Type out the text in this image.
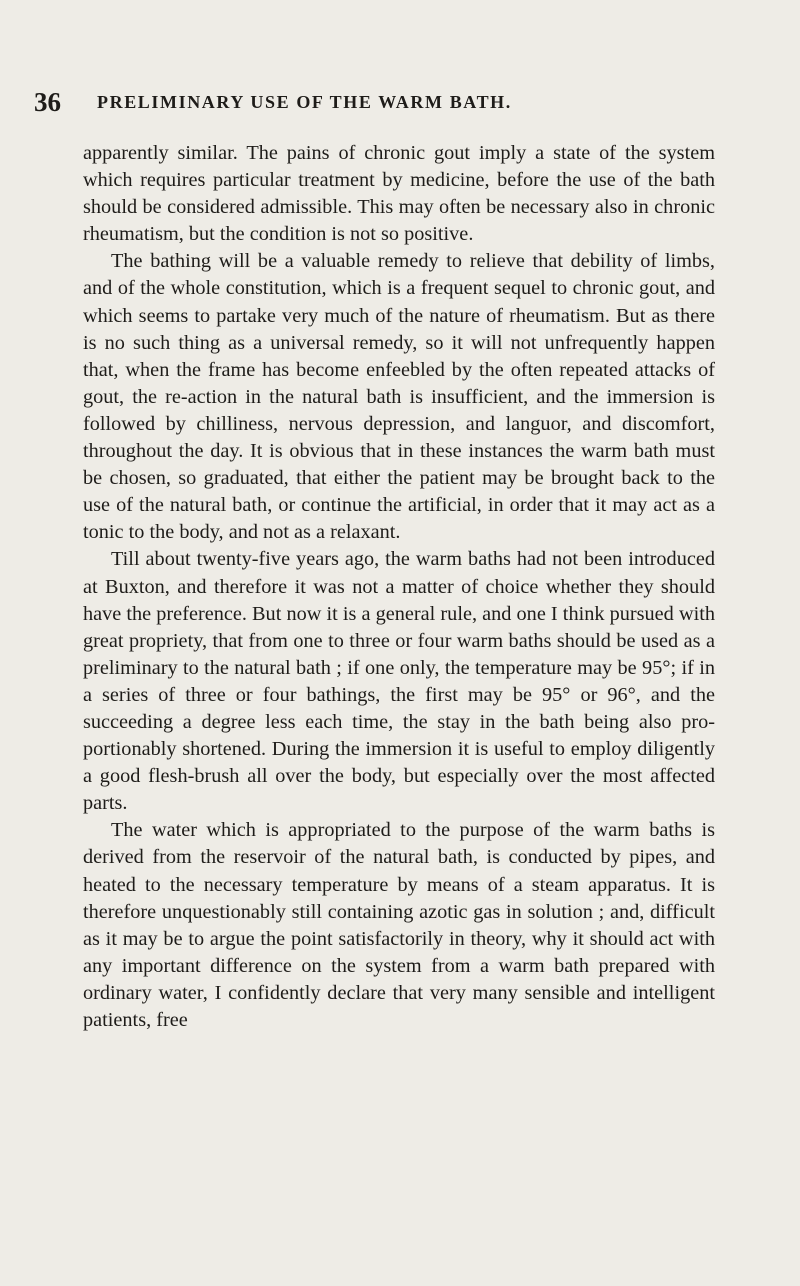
36 PRELIMINARY USE OF THE WARM BATH.

apparently similar. The pains of chronic gout imply a state of the system which requires particular treatment by medicine, before the use of the bath should be considered admissible. This may often be necessary also in chronic rheumatism, but the condition is not so positive.

The bathing will be a valuable remedy to relieve that debility of limbs, and of the whole constitution, which is a frequent sequel to chronic gout, and which seems to partake very much of the nature of rheumatism. But as there is no such thing as a universal remedy, so it will not unfrequently happen that, when the frame has become enfeebled by the often repeated attacks of gout, the re-action in the natural bath is insufficient, and the immersion is followed by chilliness, nervous depression, and languor, and discomfort, throughout the day. It is obvious that in these instances the warm bath must be chosen, so graduated, that either the patient may be brought back to the use of the natural bath, or continue the artificial, in order that it may act as a tonic to the body, and not as a relaxant.

Till about twenty-five years ago, the warm baths had not been introduced at Buxton, and therefore it was not a matter of choice whether they should have the preference. But now it is a general rule, and one I think pursued with great propriety, that from one to three or four warm baths should be used as a preliminary to the natural bath ; if one only, the temperature may be 95°; if in a series of three or four bathings, the first may be 95° or 96°, and the succeeding a degree less each time, the stay in the bath being also proportionably shortened. During the immersion it is useful to employ diligently a good flesh-brush all over the body, but especially over the most affected parts.

The water which is appropriated to the purpose of the warm baths is derived from the reservoir of the natural bath, is conducted by pipes, and heated to the necessary temperature by means of a steam apparatus. It is therefore unquestionably still containing azotic gas in solution ; and, difficult as it may be to argue the point satisfactorily in theory, why it should act with any important difference on the system from a warm bath prepared with ordinary water, I confidently declare that very many sensible and intelligent patients, free
